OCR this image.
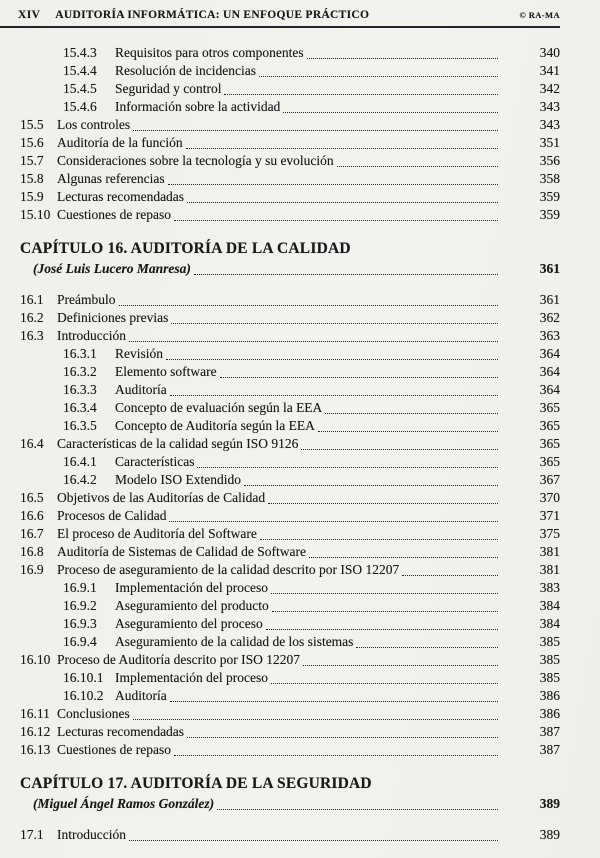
XIV AUDITORÍA INFORMÁTICA: UN ENFOQUE PRÁCTICO	© RA-MA
15.4.3	Requisitos para otros componentes	340
15.4.4	Resolución de incidencias	341
15.4.5	Seguridad y control	342
15.4.6	Información sobre la actividad	343
15.5 Los controles	343
15.6 Auditoría de la función	351
15.7 Consideraciones sobre la tecnología y su evolución	356
15.8 Algunas referencias	358
15.9 Lecturas recomendadas	359
15.10 Cuestiones de repaso	359
CAPÍTULO 16. AUDITORÍA DE LA CALIDAD
(José Luis Lucero Manresa)	361
16.1 Preámbulo	361
16.2 Definiciones previas	362
16.3 Introducción	363
16.3.1	Revisión	364
16.3.2	Elemento software	364
16.3.3	Auditoría	364
16.3.4	Concepto de evaluación según la EEA	365
16.3.5	Concepto de Auditoría según la EEA	365
16.4 Características de la calidad según ISO 9126	365
16.4.1	Características	365
16.4.2	Modelo ISO Extendido	367
16.5 Objetivos de las Auditorías de Calidad	370
16.6 Procesos de Calidad	371
16.7 El proceso de Auditoría del Software	375
16.8 Auditoría de Sistemas de Calidad de Software	381
16.9 Proceso de aseguramiento de la calidad descrito por ISO 12207	381
16.9.1	Implementación del proceso	383
16.9.2	Aseguramiento del producto	384
16.9.3	Aseguramiento del proceso	384
16.9.4	Aseguramiento de la calidad de los sistemas	385
16.10 Proceso de Auditoría descrito por ISO 12207	385
16.10.1 Implementación del proceso	385
16.10.2 Auditoría	386
16.11 Conclusiones	386
16.12 Lecturas recomendadas	387
16.13 Cuestiones de repaso	387
CAPÍTULO 17. AUDITORÍA DE LA SEGURIDAD
(Miguel Ángel Ramos González)	389
17.1 Introducción	389
